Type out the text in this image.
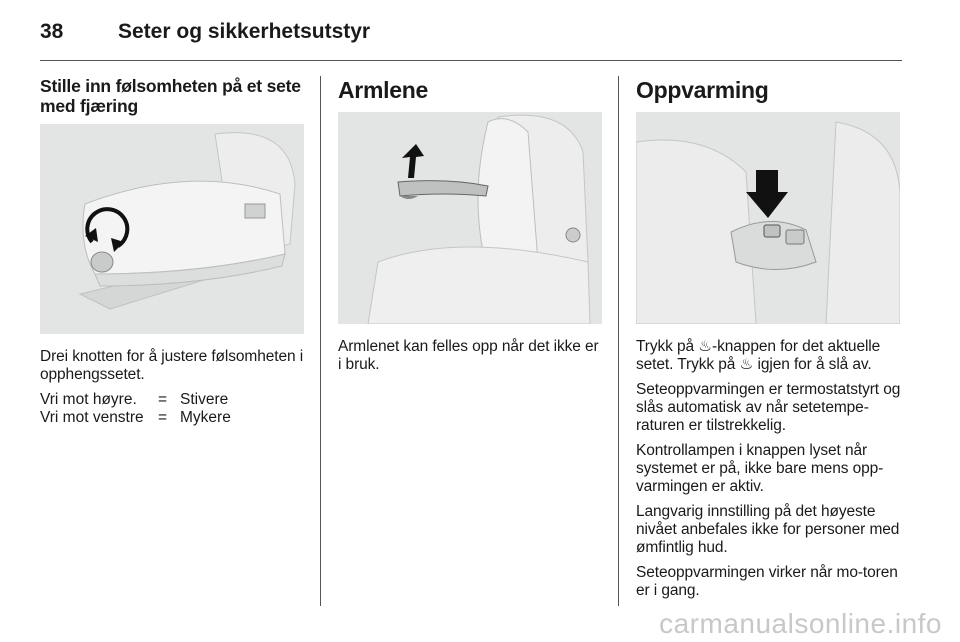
38	Seter og sikkerhetsutstyr
Stille inn følsomheten på et sete med fjæring

Drei knotten for å justere følsomheten i opphengssetet.

Vri mot høyre.	=	Stivere
Vri mot venstre	=	Mykere
Armlene

Armlenet kan felles opp når det ikke er i bruk.

Oppvarming

Trykk på ♨-knappen for det aktuelle setet. Trykk på ♨ igjen for å slå av.

Seteoppvarmingen er termostatstyrt og slås automatisk av når setetempe-raturen er tilstrekkelig.

Kontrollampen i knappen lyset når systemet er på, ikke bare mens opp-varmingen er aktiv.

Langvarig innstilling på det høyeste nivået anbefales ikke for personer med ømfintlig hud.

Seteoppvarmingen virker når mo-toren er i gang.

carmanualsonline.info
